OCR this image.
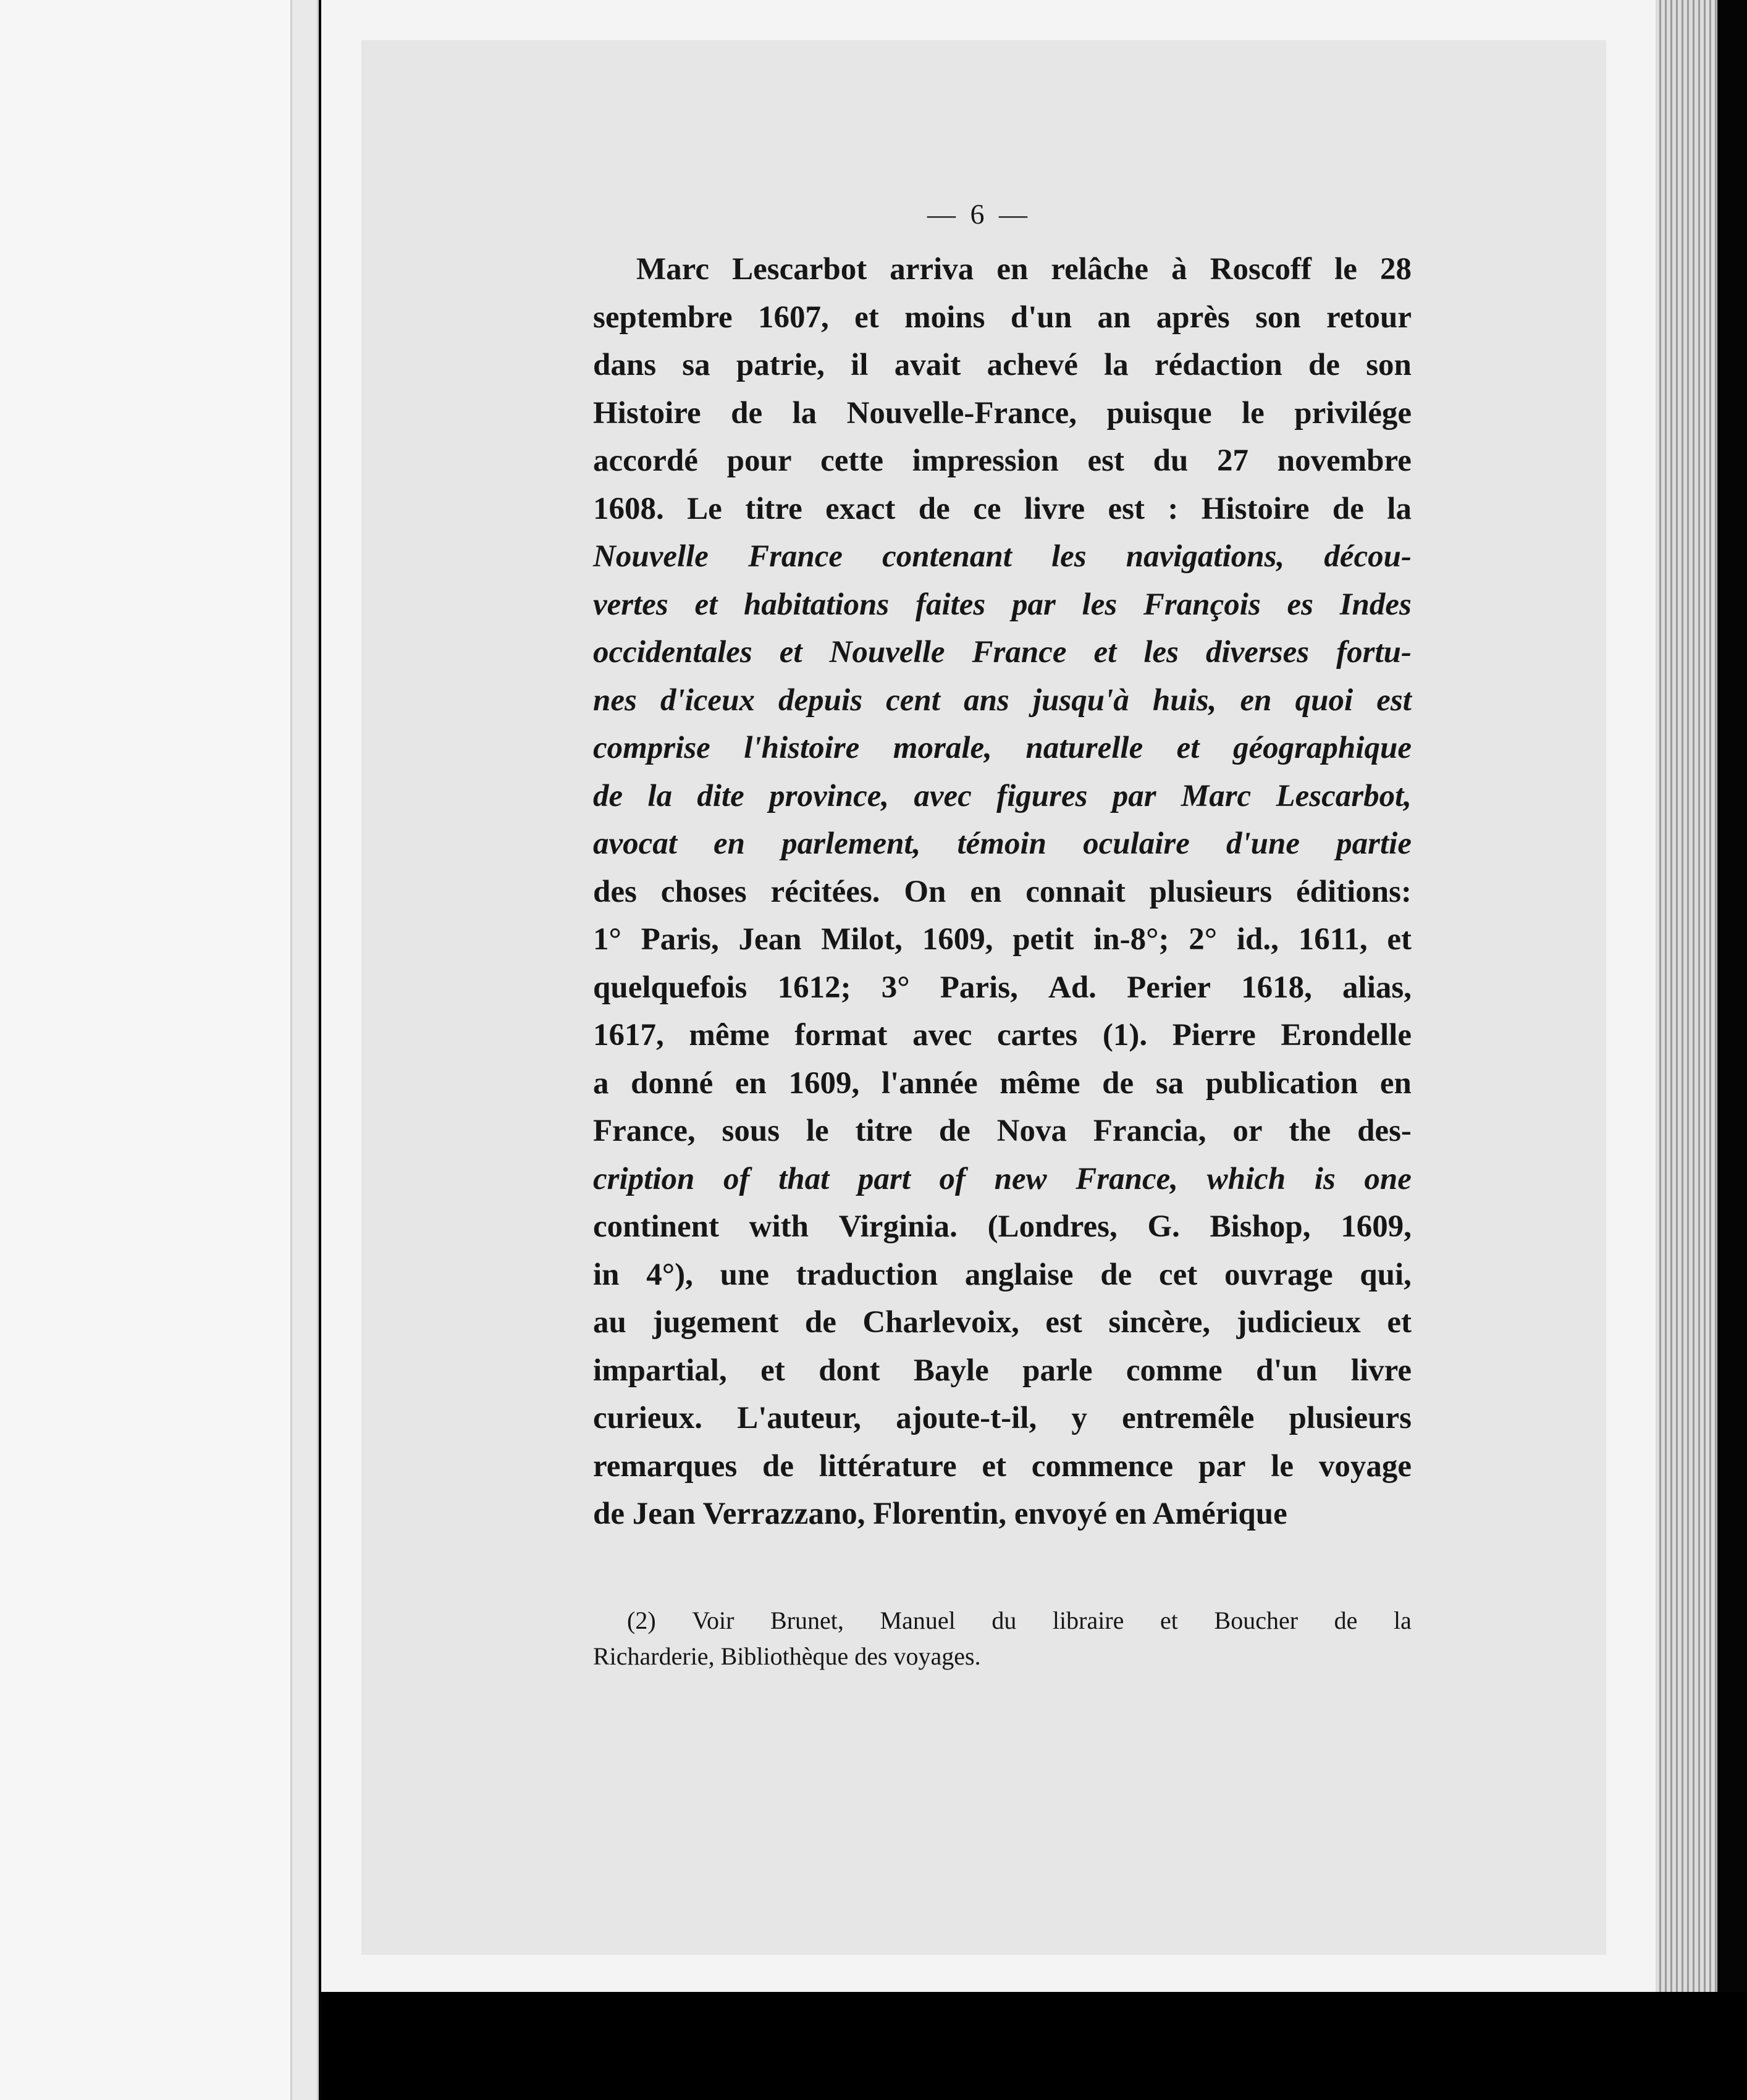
— 6 —
Marc Lescarbot arriva en relâche à Roscoff le 28
septembre 1607, et moins d'un an après son retour
dans sa patrie, il avait achevé la rédaction de son
Histoire de la Nouvelle-France, puisque le privilége
accordé pour cette impression est du 27 novembre
1608. Le titre exact de ce livre est : Histoire de la
Nouvelle France contenant les navigations, décou-
vertes et habitations faites par les François es Indes
occidentales et Nouvelle France et les diverses fortu-
nes d'iceux depuis cent ans jusqu'à huis, en quoi est
comprise l'histoire morale, naturelle et géographique
de la dite province, avec figures par Marc Lescarbot,
avocat en parlement, témoin oculaire d'une partie
des choses récitées. On en connait plusieurs éditions:
1° Paris, Jean Milot, 1609, petit in-8°; 2° id., 1611, et
quelquefois 1612; 3° Paris, Ad. Perier 1618, alias,
1617, même format avec cartes (1). Pierre Erondelle
a donné en 1609, l'année même de sa publication en
France, sous le titre de Nova Francia, or the des-
cription of that part of new France, which is one
continent with Virginia. (Londres, G. Bishop, 1609,
in 4°), une traduction anglaise de cet ouvrage qui,
au jugement de Charlevoix, est sincère, judicieux et
impartial, et dont Bayle parle comme d'un livre
curieux. L'auteur, ajoute-t-il, y entremêle plusieurs
remarques de littérature et commence par le voyage
de Jean Verrazzano, Florentin, envoyé en Amérique
(2) Voir Brunet, Manuel du libraire et Boucher de la
Richarderie, Bibliothèque des voyages.
